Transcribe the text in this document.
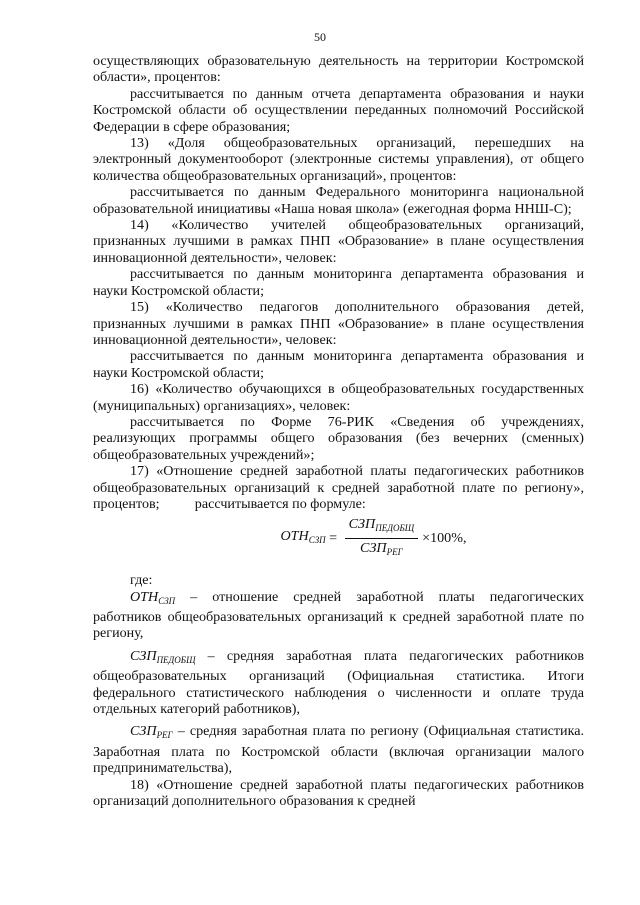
50

осуществляющих образовательную деятельность на территории Костромской области», процентов:

рассчитывается по данным отчета департамента образования и науки Костромской области об осуществлении переданных полномочий Российской Федерации в сфере образования;

13) «Доля общеобразовательных организаций, перешедших на электронный документооборот (электронные системы управления), от общего количества общеобразовательных организаций», процентов:

рассчитывается по данным Федерального мониторинга национальной образовательной инициативы «Наша новая школа» (ежегодная форма ННШ-С);

14) «Количество учителей общеобразовательных организаций, признанных лучшими в рамках ПНП «Образование» в плане осуществления инновационной деятельности», человек:

рассчитывается по данным мониторинга департамента образования и науки Костромской области;

15) «Количество педагогов дополнительного образования детей, признанных лучшими в рамках ПНП «Образование» в плане осуществления инновационной деятельности», человек:

рассчитывается по данным мониторинга департамента образования и науки Костромской области;

16) «Количество обучающихся в общеобразовательных государственных (муниципальных) организациях», человек:

рассчитывается по Форме 76-РИК «Сведения об учреждениях, реализующих программы общего образования (без вечерних (сменных) общеобразовательных учреждений»;

17) «Отношение средней заработной платы педагогических работников общеобразовательных организаций к средней заработной плате по региону», процентов;          рассчитывается по формуле:

$ОТН_{СЗП} = \frac{СЗП_{ПЕДОБЩ}}{СЗП_{РЕГ}} \times 100\%$,

где:

$ОТН_{СЗП}$ – отношение средней заработной платы педагогических работников общеобразовательных организаций к средней заработной плате по региону,

$СЗП_{ПЕДОБЩ}$ – средняя заработная плата педагогических работников общеобразовательных организаций (Официальная статистика. Итоги федерального статистического наблюдения о численности и оплате труда отдельных категорий работников),

$СЗП_{РЕГ}$ – средняя заработная плата по региону (Официальная статистика. Заработная плата по Костромской области (включая организации малого предпринимательства),

18) «Отношение средней заработной платы педагогических работников организаций дополнительного образования к средней
